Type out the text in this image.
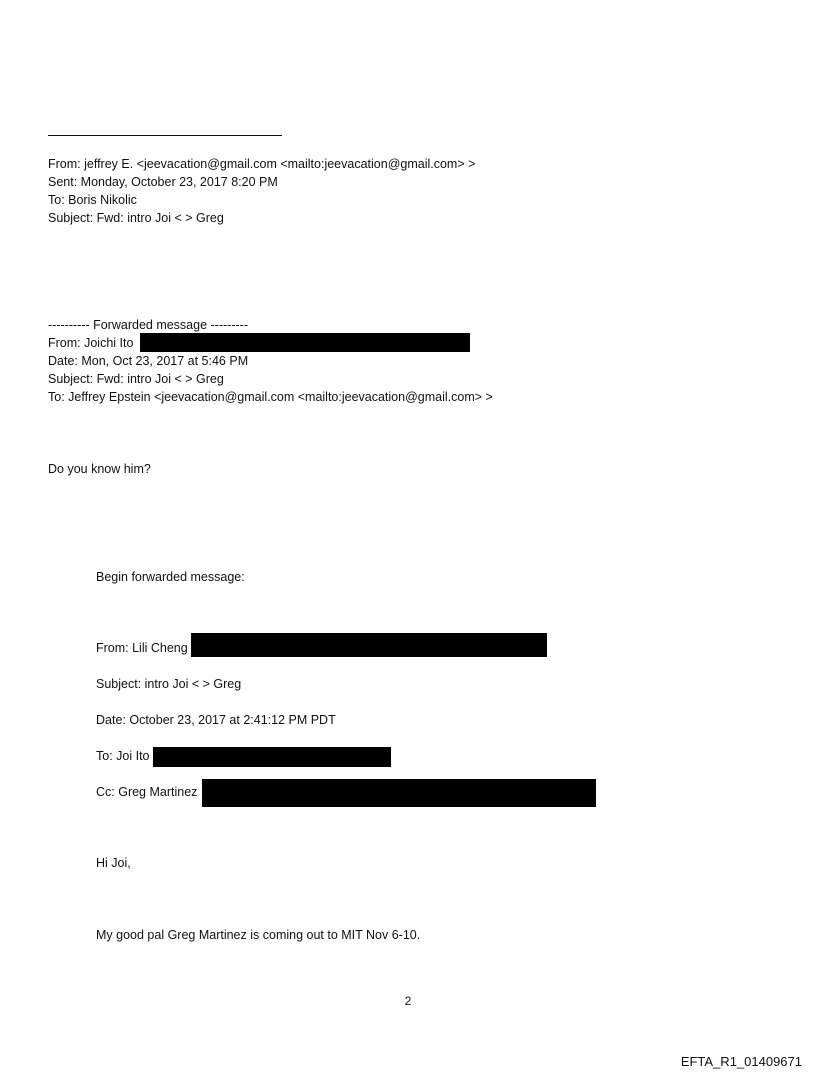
From: jeffrey E. <jeevacation@gmail.com <mailto:jeevacation@gmail.com> >
Sent: Monday, October 23, 2017 8:20 PM
To: Boris Nikolic
Subject: Fwd: intro Joi < > Greg
---------- Forwarded message ---------
From: Joichi Ito
Date: Mon, Oct 23, 2017 at 5:46 PM
Subject: Fwd: intro Joi < > Greg
To: Jeffrey Epstein <jeevacation@gmail.com <mailto:jeevacation@gmail.com> >
Do you know him?
Begin forwarded message:
From: Lili Cheng
Subject: intro Joi < > Greg
Date: October 23, 2017 at 2:41:12 PM PDT
To: Joi Ito
Cc: Greg Martinez
Hi Joi,
My good pal Greg Martinez is coming out to MIT Nov 6-10.
2
EFTA_R1_01409671
